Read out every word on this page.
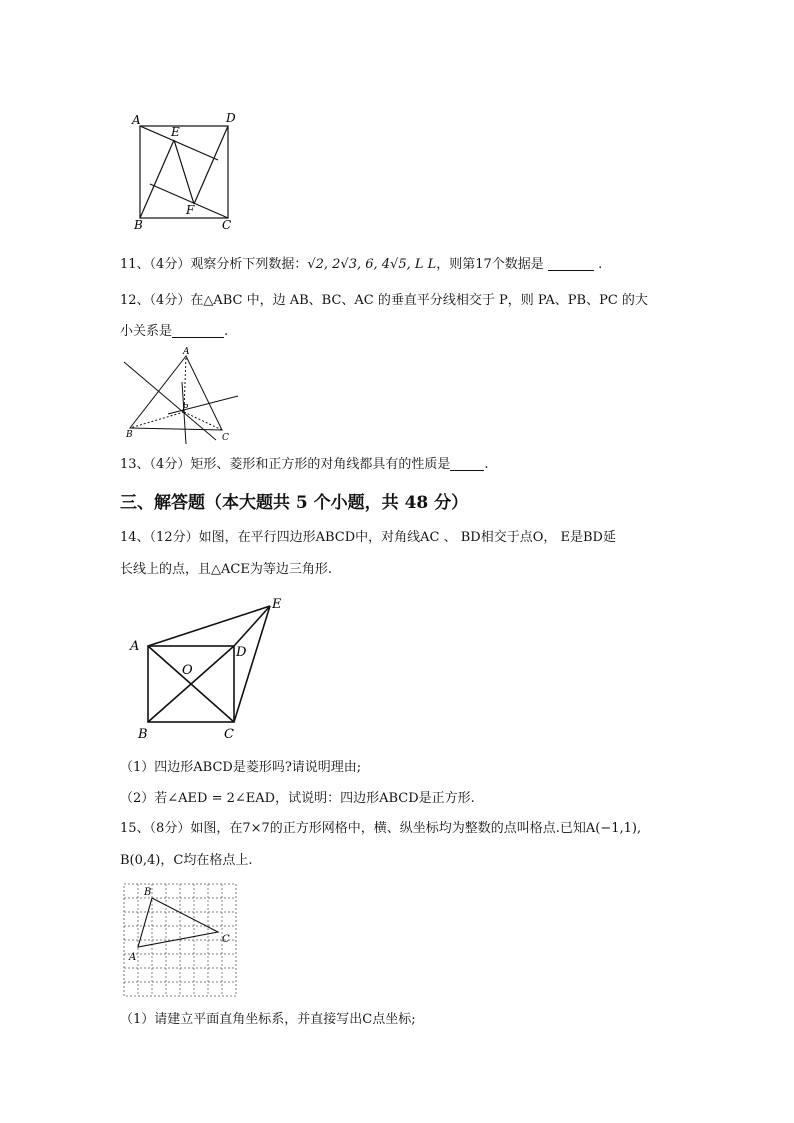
A	D
E
F
B	C
11、（4分）观察分析下列数据：√2, 2√3, 6, 4√5, L L，则第17个数据是	.
12、（4分）在△ABC 中，边 AB、BC、AC 的垂直平分线相交于 P，则 PA、PB、PC 的大
小关系是	.
A
P
B	C
13、（4分）矩形、菱形和正方形的对角线都具有的性质是	.
三、解答题（本大题共 5 个小题，共 48 分）
14、（12分）如图，在平行四边形ABCD中，对角线AC 、 BD相交于点O， E是BD延
长线上的点，且△ACE为等边三角形.
A	D
O
E
B	C
（1）四边形ABCD是菱形吗?请说明理由;
（2）若∠AED = 2∠EAD，试说明：四边形ABCD是正方形.
15、（8分）如图，在7×7的正方形网格中，横、纵坐标均为整数的点叫格点.已知A(−1,1),
B(0,4)，C均在格点上.
B
C
A
（1）请建立平面直角坐标系，并直接写出C点坐标;
